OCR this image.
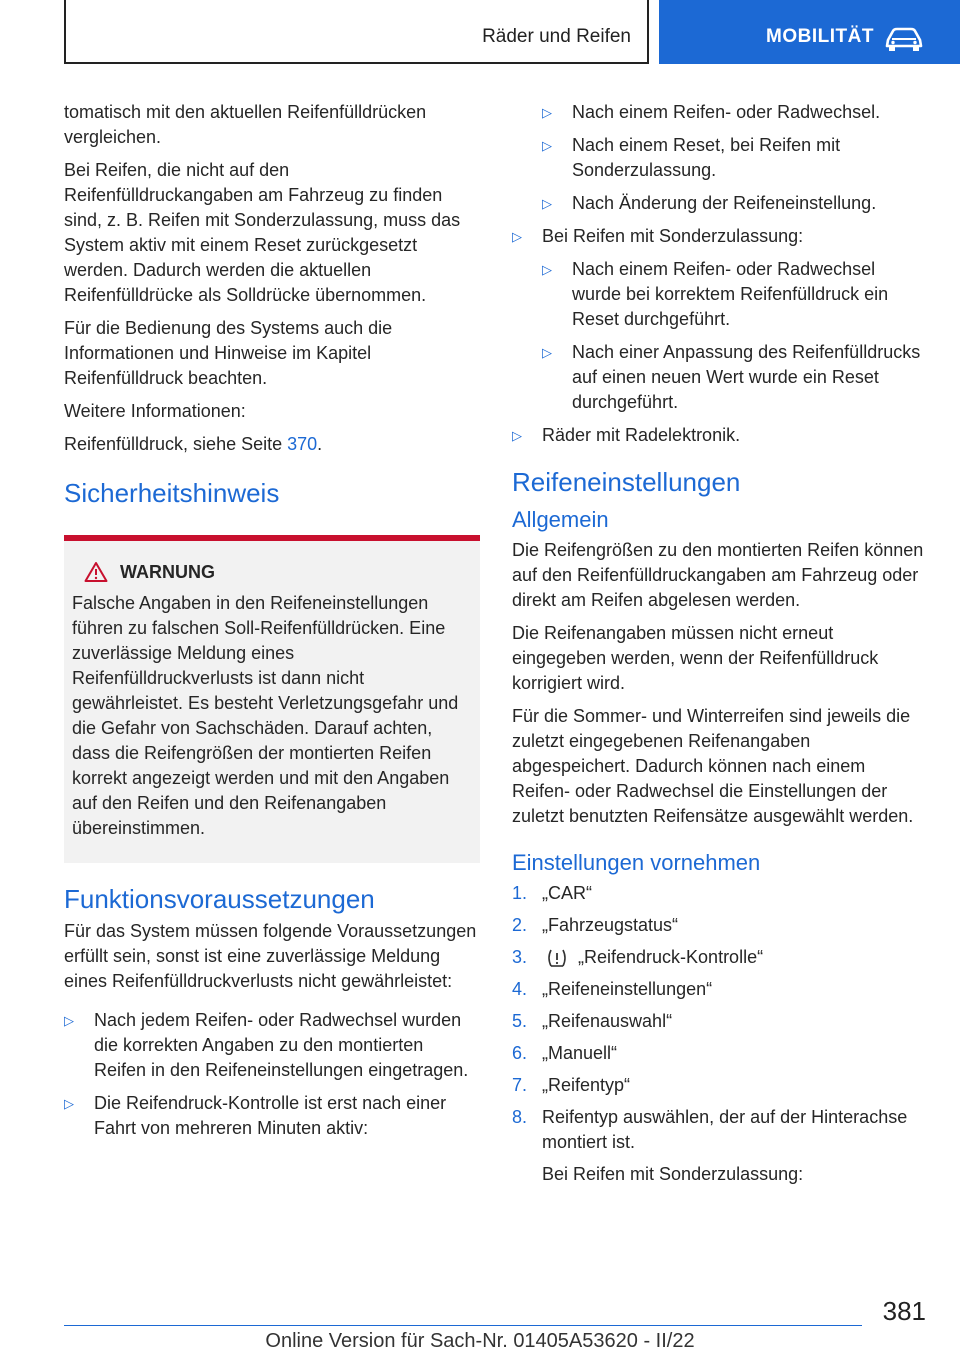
Räder und Reifen	MOBILITÄT

tomatisch mit den aktuellen Reifenfülldrücken vergleichen.

Bei Reifen, die nicht auf den Reifenfülldruckangaben am Fahrzeug zu finden sind, z. B. Reifen mit Sonderzulassung, muss das System aktiv mit einem Reset zurückgesetzt werden. Dadurch werden die aktuellen Reifenfülldrücke als Solldrücke übernommen.

Für die Bedienung des Systems auch die Informationen und Hinweise im Kapitel Reifenfülldruck beachten.

Weitere Informationen:

Reifenfülldruck, siehe Seite 370.

Sicherheitshinweis
WARNUNG

Falsche Angaben in den Reifeneinstellungen führen zu falschen Soll-Reifenfülldrücken. Eine zuverlässige Meldung eines Reifenfülldruckverlusts ist dann nicht gewährleistet. Es besteht Verletzungsgefahr und die Gefahr von Sachschäden. Darauf achten, dass die Reifengrößen der montierten Reifen korrekt angezeigt werden und mit den Angaben auf den Reifen und den Reifenangaben übereinstimmen.

Funktionsvoraussetzungen

Für das System müssen folgende Voraussetzungen erfüllt sein, sonst ist eine zuverlässige Meldung eines Reifenfülldruckverlusts nicht gewährleistet:

▷	Nach jedem Reifen- oder Radwechsel wurden die korrekten Angaben zu den montierten Reifen in den Reifeneinstellungen eingetragen.
▷	Die Reifendruck-Kontrolle ist erst nach einer Fahrt von mehreren Minuten aktiv:
▷	Nach einem Reifen- oder Radwechsel.
▷	Nach einem Reset, bei Reifen mit Sonderzulassung.
▷	Nach Änderung der Reifeneinstellung.
▷	Bei Reifen mit Sonderzulassung:
▷	Nach einem Reifen- oder Radwechsel wurde bei korrektem Reifenfülldruck ein Reset durchgeführt.
▷	Nach einer Anpassung des Reifenfülldrucks auf einen neuen Wert wurde ein Reset durchgeführt.
▷	Räder mit Radelektronik.
Reifeneinstellungen
Allgemein

Die Reifengrößen zu den montierten Reifen können auf den Reifenfülldruckangaben am Fahrzeug oder direkt am Reifen abgelesen werden.

Die Reifenangaben müssen nicht erneut eingegeben werden, wenn der Reifenfülldruck korrigiert wird.

Für die Sommer- und Winterreifen sind jeweils die zuletzt eingegebenen Reifenangaben abgespeichert. Dadurch können nach einem Reifen- oder Radwechsel die Einstellungen der zuletzt benutzten Reifensätze ausgewählt werden.

Einstellungen vornehmen
1. „CAR“
2. „Fahrzeugstatus“
3.	„Reifendruck-Kontrolle“
4. „Reifeneinstellungen“
5. „Reifenauswahl“
6. „Manuell“
7. „Reifentyp“
8. Reifentyp auswählen, der auf der Hinterachse montiert ist.
Bei Reifen mit Sonderzulassung:
381
Online Version für Sach-Nr. 01405A53620 - II/22
